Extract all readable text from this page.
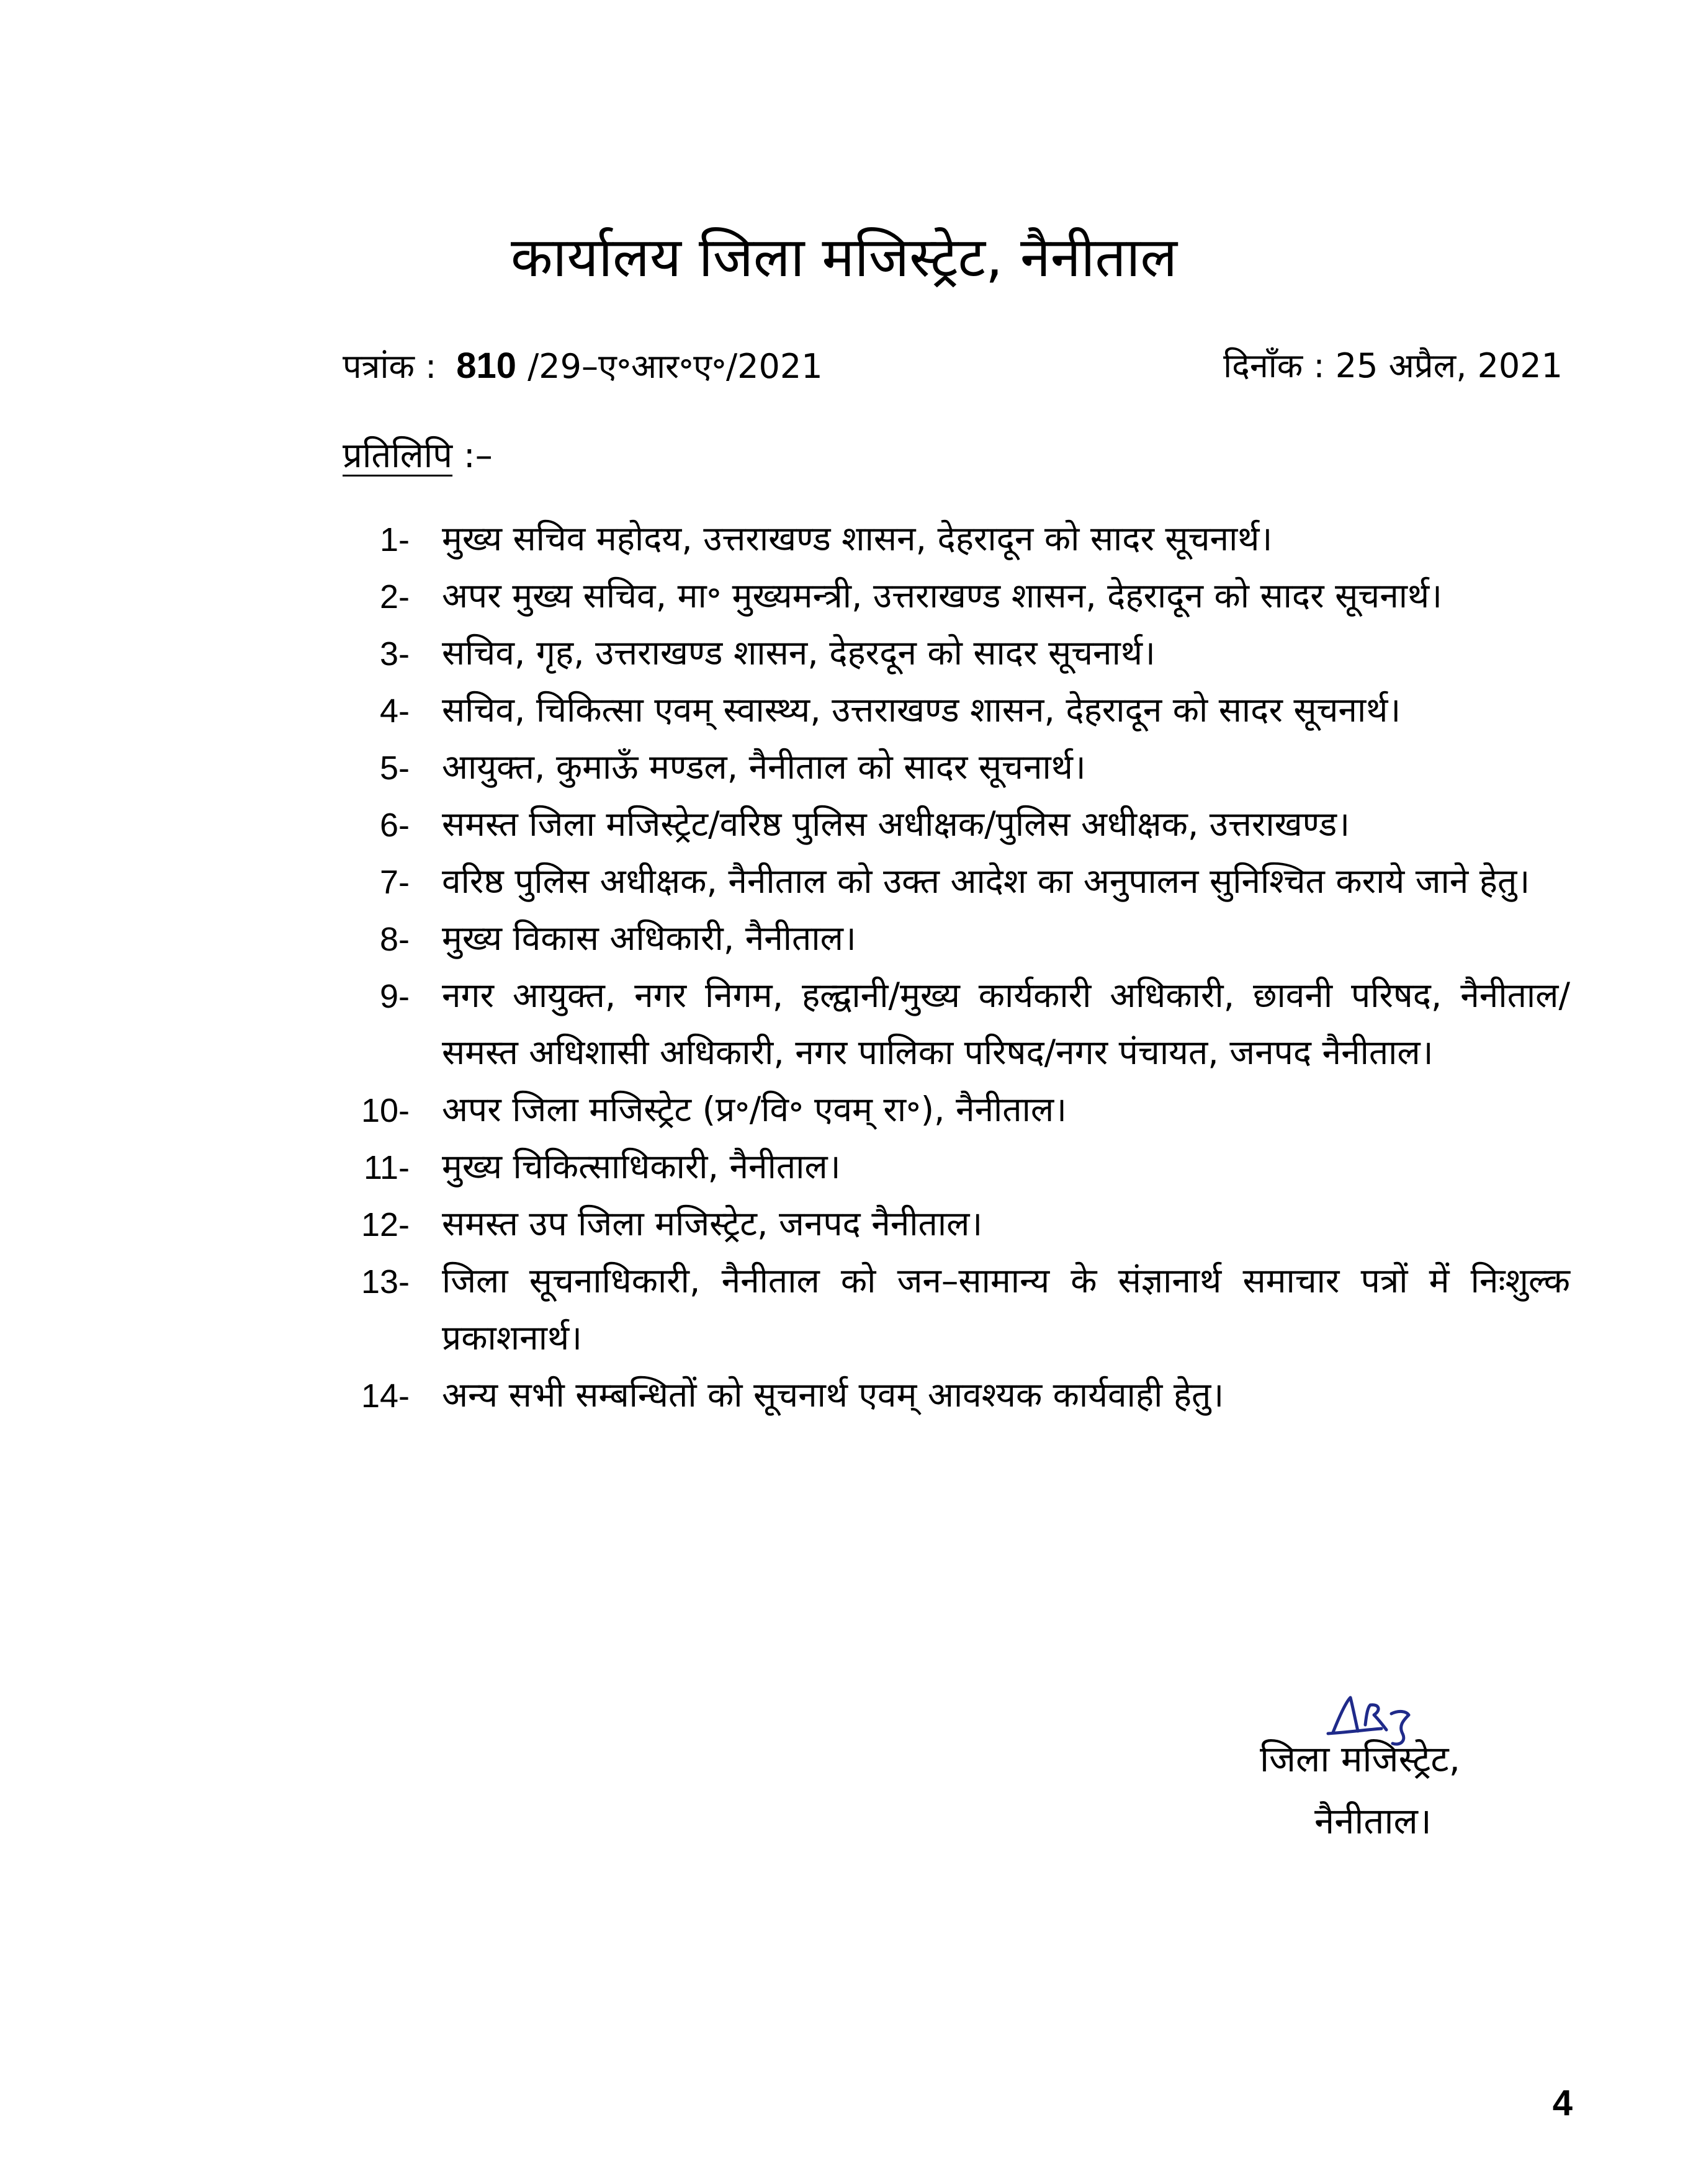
कार्यालय जिला मजिस्ट्रेट, नैनीताल
पत्रांक : 810 /29–ए॰आर॰ए॰/2021	दिनाँक : 25 अप्रैल, 2021
प्रतिलिपि :–
1- मुख्य सचिव महोदय, उत्तराखण्ड शासन, देहरादून को सादर सूचनार्थ।
2- अपर मुख्य सचिव, मा॰ मुख्यमन्त्री, उत्तराखण्ड शासन, देहरादून को सादर सूचनार्थ।
3- सचिव, गृह, उत्तराखण्ड शासन, देहरदून को सादर सूचनार्थ।
4- सचिव, चिकित्सा एवम् स्वास्थ्य, उत्तराखण्ड शासन, देहरादून को सादर सूचनार्थ।
5- आयुक्त, कुमाऊँ मण्डल, नैनीताल को सादर सूचनार्थ।
6- समस्त जिला मजिस्ट्रेट/वरिष्ठ पुलिस अधीक्षक/पुलिस अधीक्षक, उत्तराखण्ड।
7- वरिष्ठ पुलिस अधीक्षक, नैनीताल को उक्त आदेश का अनुपालन सुनिश्चित कराये जाने हेतु।
8- मुख्य विकास अधिकारी, नैनीताल।
9- नगर आयुक्त, नगर निगम, हल्द्वानी/मुख्य कार्यकारी अधिकारी, छावनी परिषद, नैनीताल/समस्त अधिशासी अधिकारी, नगर पालिका परिषद/नगर पंचायत, जनपद नैनीताल।
10- अपर जिला मजिस्ट्रेट (प्र॰/वि॰ एवम् रा॰), नैनीताल।
11- मुख्य चिकित्साधिकारी, नैनीताल।
12- समस्त उप जिला मजिस्ट्रेट, जनपद नैनीताल।
13- जिला सूचनाधिकारी, नैनीताल को जन–सामान्य के संज्ञानार्थ समाचार पत्रों में निःशुल्क प्रकाशनार्थ।
14- अन्य सभी सम्बन्धितों को सूचनार्थ एवम् आवश्यक कार्यवाही हेतु।
जिला मजिस्ट्रेट,
नैनीताल।
4
